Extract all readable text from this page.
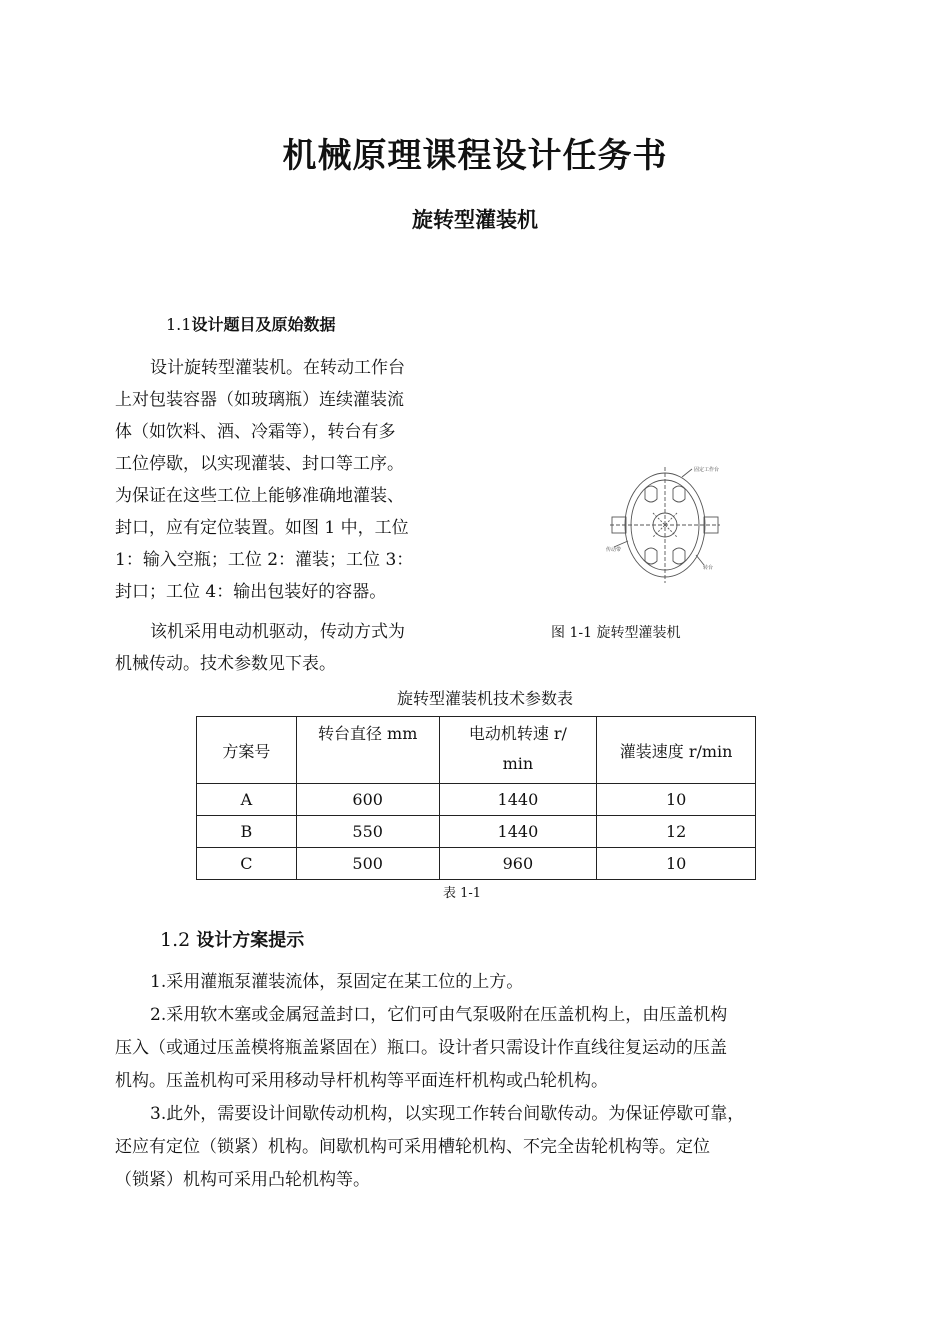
机械原理课程设计任务书
旋转型灌装机
1.1设计题目及原始数据

设计旋转型灌装机。在转动工作台

上对包装容器（如玻璃瓶）连续灌装流

体（如饮料、酒、冷霜等），转台有多

工位停歇，以实现灌装、封口等工序。

为保证在这些工位上能够准确地灌装、

封口，应有定位装置。如图 1 中，工位

1：输入空瓶；工位 2：灌装；工位 3：

封口；工位 4：输出包装好的容器。

该机采用电动机驱动，传动方式为

机械传动。技术参数见下表。

固定工作台
传动带
转台
图 1-1 旋转型灌装机
旋转型灌装机技术参数表
方案号	转台直径 mm	电动机转速 r/
min	灌装速度 r/min
A	600	1440	10
B	550	1440	12
C	500	960	10
表 1-1
1.2 设计方案提示

1.采用灌瓶泵灌装流体，泵固定在某工位的上方。

2.采用软木塞或金属冠盖封口，它们可由气泵吸附在压盖机构上，由压盖机构

压入（或通过压盖模将瓶盖紧固在）瓶口。设计者只需设计作直线往复运动的压盖

机构。压盖机构可采用移动导杆机构等平面连杆机构或凸轮机构。

3.此外，需要设计间歇传动机构，以实现工作转台间歇传动。为保证停歇可靠，

还应有定位（锁紧）机构。间歇机构可采用槽轮机构、不完全齿轮机构等。定位

（锁紧）机构可采用凸轮机构等。
